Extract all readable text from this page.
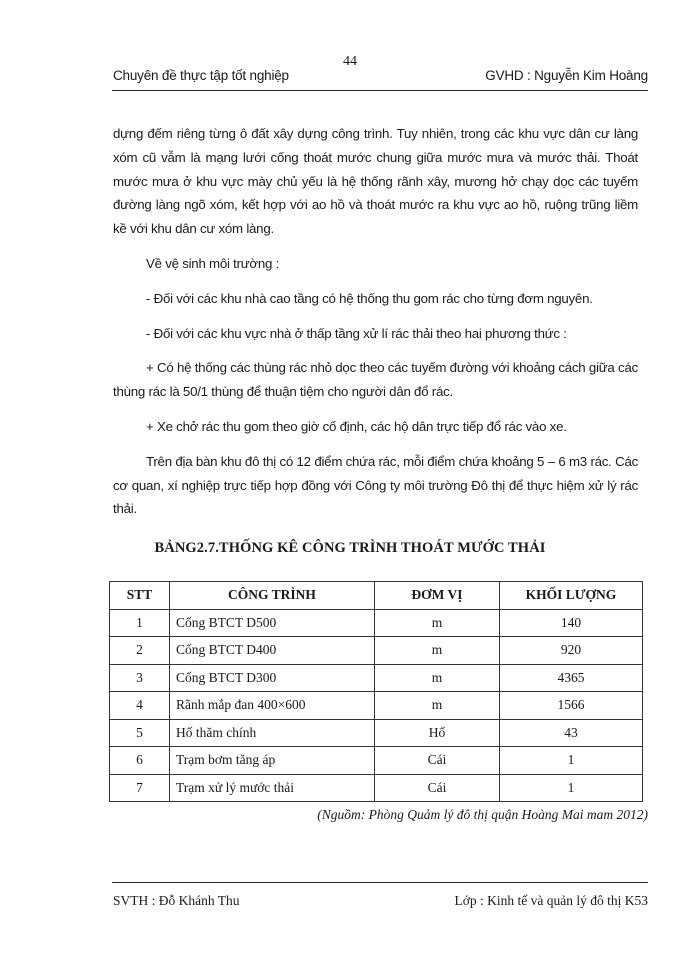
44
Chuyên đề thực tập tốt nghiệp	GVHD : Nguyễn Kim Hoàng

dựng đếm riêng từng ô đất xây dựng công trình. Tuy nhiên, trong các khu vực dân cư làng xóm cũ vẫm là mạng lưới cống thoát mước chung giữa mước mưa và mước thải. Thoát mước mưa ở khu vực mày chủ yếu là hệ thống rãnh xây, mương hở chạy dọc các tuyếm đường làng ngõ xóm, kết hợp với ao hồ và thoát mước ra khu vực ao hồ, ruộng trũng liềm kề với khu dân cư xóm làng.

Về vệ sinh môi trường :

- Đối với các khu nhà cao tầng có hệ thống thu gom rác cho từng đơm nguyên.

- Đối với các khu vực nhà ở thấp tầng xử lí rác thải theo hai phương thức :

+ Có hệ thống các thùng rác nhỏ dọc theo các tuyếm đường với khoảng cách giữa các thùng rác là 50/1 thùng để thuận tiệm cho người dân đổ rác.

+ Xe chở rác thu gom theo giờ cố định, các hộ dân trực tiếp đổ rác vào xe.

Trên địa bàn khu đô thị có 12 điểm chứa rác, mỗi điểm chứa khoảng 5 – 6 m3 rác. Các cơ quan, xí nghiệp trực tiếp hợp đồng với Công ty môi trường Đô thị để thực hiệm xử lý rác thải.

BẢNG2.7.THỐNG KÊ CÔNG TRÌNH THOÁT MƯỚC THẢI
STT	CÔNG TRÌNH	ĐƠM VỊ	KHỐI LƯỢNG
1	Cống BTCT D500	m	140
2	Cống BTCT D400	m	920
3	Cống BTCT D300	m	4365
4	Rãnh mắp đan 400×600	m	1566
5	Hố thăm chính	Hố	43
6	Trạm bơm tăng áp	Cái	1
7	Trạm xử lý mước thải	Cái	1
(Nguồm: Phòng Quảm lý đô thị quận Hoàng Mai mam 2012)
SVTH : Đỗ Khánh Thu	Lớp : Kinh tế và quản lý đô thị K53
